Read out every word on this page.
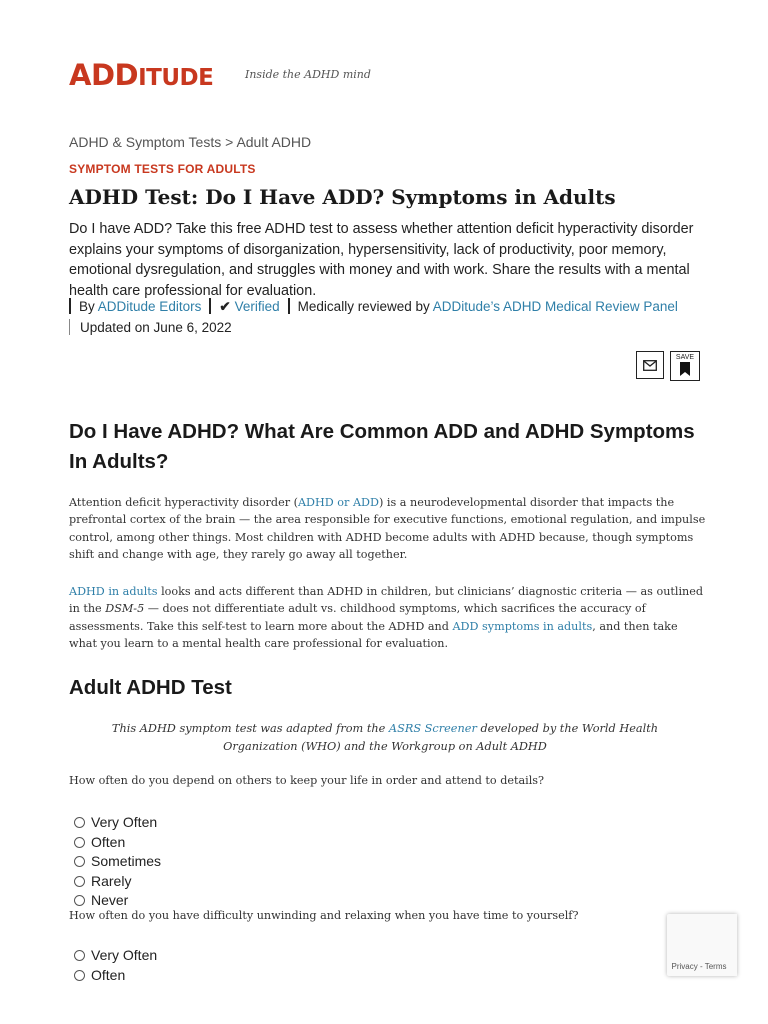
ADDITUDE	Inside the ADHD mind
ADHD & Symptom Tests > Adult ADHD
SYMPTOM TESTS FOR ADULTS
ADHD Test: Do I Have ADD? Symptoms in Adults
Do I have ADD? Take this free ADHD test to assess whether attention deficit hyperactivity disorder explains your symptoms of disorganization, hypersensitivity, lack of productivity, poor memory, emotional dysregulation, and struggles with money and with work. Share the results with a mental health care professional for evaluation.
By ADDitude Editors ✔ Verified Medically reviewed by ADDitude’s ADHD Medical Review Panel
Updated on June 6, 2022
SAVE
Do I Have ADHD? What Are Common ADD and ADHD Symptoms In Adults?
Attention deficit hyperactivity disorder (ADHD or ADD) is a neurodevelopmental disorder that impacts the prefrontal cortex of the brain — the area responsible for executive functions, emotional regulation, and impulse control, among other things. Most children with ADHD become adults with ADHD because, though symptoms shift and change with age, they rarely go away all together.
ADHD in adults looks and acts different than ADHD in children, but clinicians’ diagnostic criteria — as outlined in the DSM-5 — does not differentiate adult vs. childhood symptoms, which sacrifices the accuracy of assessments. Take this self-test to learn more about the ADHD and ADD symptoms in adults, and then take what you learn to a mental health care professional for evaluation.
Adult ADHD Test
This ADHD symptom test was adapted from the ASRS Screener developed by the World Health Organization (WHO) and the Workgroup on Adult ADHD
How often do you depend on others to keep your life in order and attend to details?
Very Often
Often
Sometimes
Rarely
Never
How often do you have difficulty unwinding and relaxing when you have time to yourself?
Very Often
Often
Privacy - Terms
